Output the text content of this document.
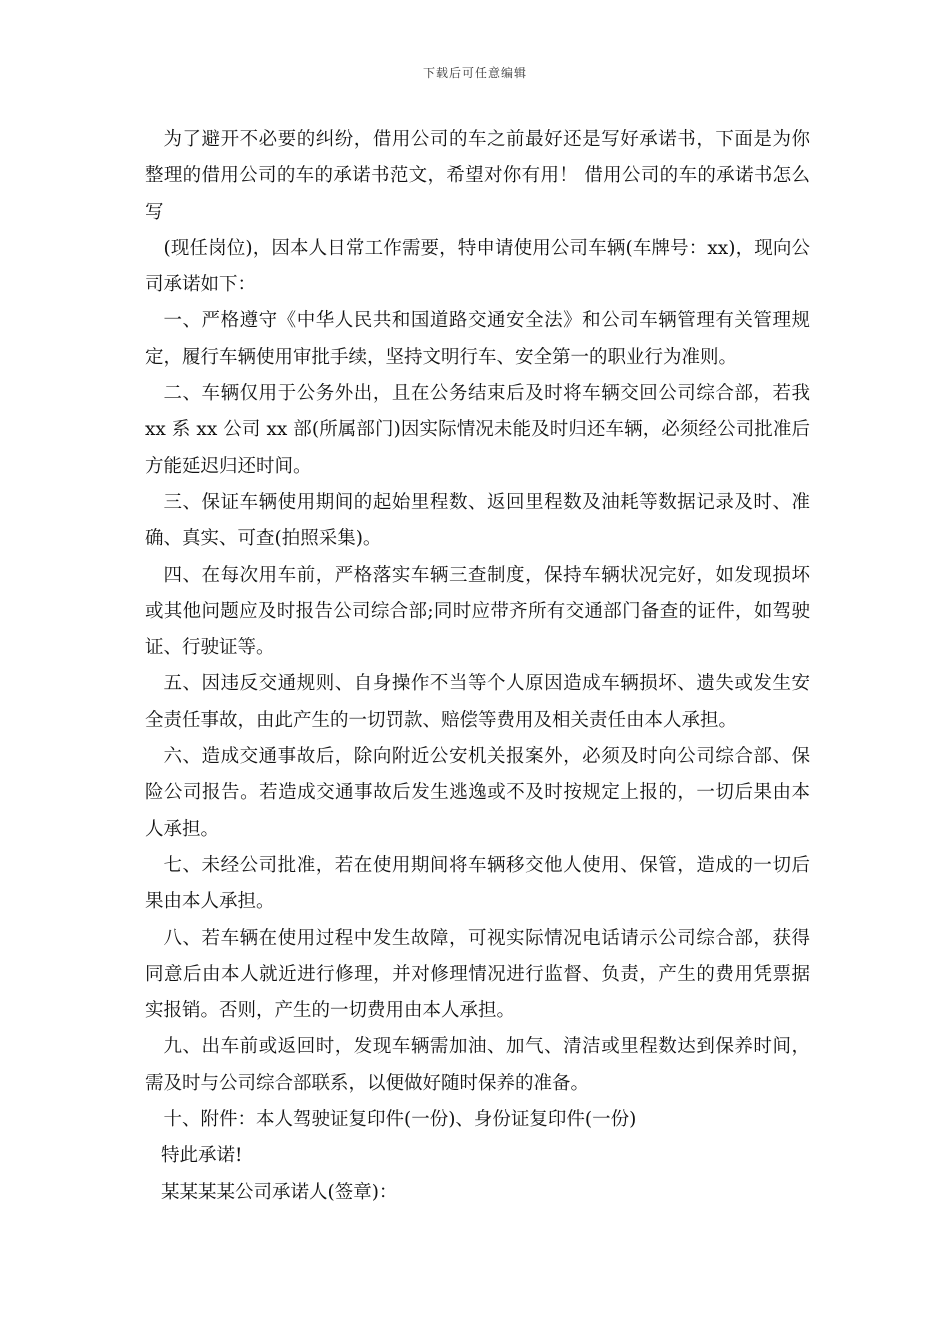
下载后可任意编辑

为了避开不必要的纠纷，借用公司的车之前最好还是写好承诺书，下面是为你整理的借用公司的车的承诺书范文，希望对你有用！ 借用公司的车的承诺书怎么写

(现任岗位)，因本人日常工作需要，特申请使用公司车辆(车牌号：xx)，现向公司承诺如下：

一、严格遵守《中华人民共和国道路交通安全法》和公司车辆管理有关管理规定，履行车辆使用审批手续，坚持文明行车、安全第一的职业行为准则。

二、车辆仅用于公务外出，且在公务结束后及时将车辆交回公司综合部，若我 xx 系 xx 公司 xx 部(所属部门)因实际情况未能及时归还车辆，必须经公司批准后方能延迟归还时间。

三、保证车辆使用期间的起始里程数、返回里程数及油耗等数据记录及时、准确、真实、可查(拍照采集)。

四、在每次用车前，严格落实车辆三查制度，保持车辆状况完好，如发现损坏或其他问题应及时报告公司综合部;同时应带齐所有交通部门备查的证件，如驾驶证、行驶证等。

五、因违反交通规则、自身操作不当等个人原因造成车辆损坏、遗失或发生安全责任事故，由此产生的一切罚款、赔偿等费用及相关责任由本人承担。

六、造成交通事故后，除向附近公安机关报案外，必须及时向公司综合部、保险公司报告。若造成交通事故后发生逃逸或不及时按规定上报的，一切后果由本人承担。

七、未经公司批准，若在使用期间将车辆移交他人使用、保管，造成的一切后果由本人承担。

八、若车辆在使用过程中发生故障，可视实际情况电话请示公司综合部，获得同意后由本人就近进行修理，并对修理情况进行监督、负责，产生的费用凭票据实报销。否则，产生的一切费用由本人承担。

九、出车前或返回时，发现车辆需加油、加气、清洁或里程数达到保养时间，需及时与公司综合部联系，以便做好随时保养的准备。

十、附件：本人驾驶证复印件(一份)、身份证复印件(一份)

特此承诺!

某某某某公司承诺人(签章)：
